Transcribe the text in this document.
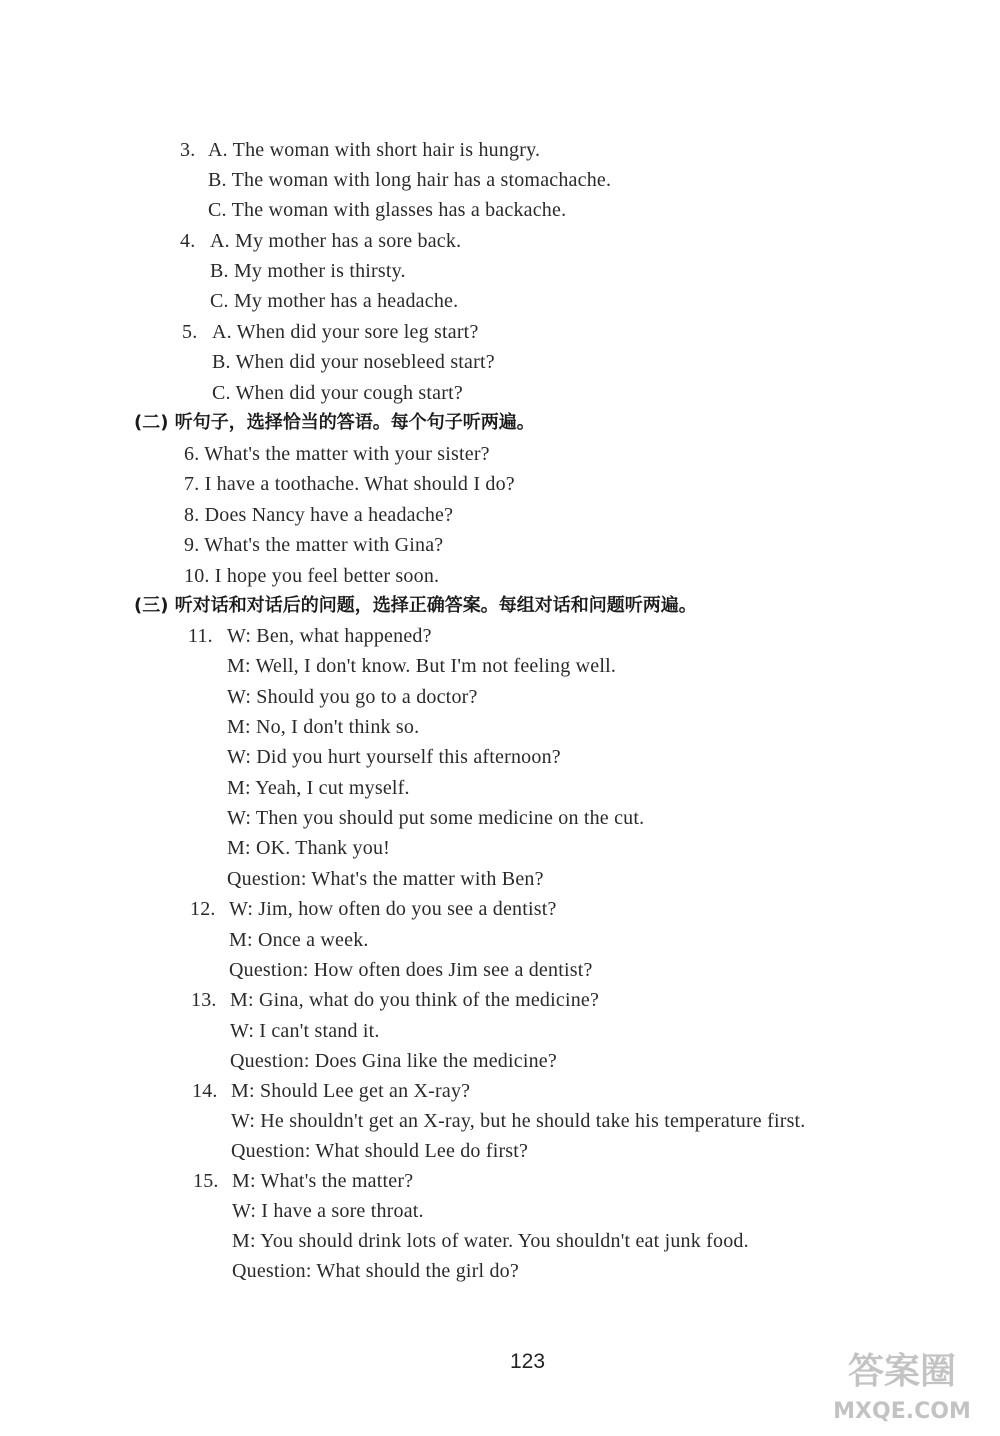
3. A. The woman with short hair is hungry.
B. The woman with long hair has a stomachache.
C. The woman with glasses has a backache.
4. A. My mother has a sore back.
B. My mother is thirsty.
C. My mother has a headache.
5. A. When did your sore leg start?
B. When did your nosebleed start?
C. When did your cough start?
(二) 听句子，选择恰当的答语。每个句子听两遍。
6. What's the matter with your sister?
7. I have a toothache. What should I do?
8. Does Nancy have a headache?
9. What's the matter with Gina?
10. I hope you feel better soon.
(三) 听对话和对话后的问题，选择正确答案。每组对话和问题听两遍。
11. W: Ben, what happened?
M: Well, I don't know. But I'm not feeling well.
W: Should you go to a doctor?
M: No, I don't think so.
W: Did you hurt yourself this afternoon?
M: Yeah, I cut myself.
W: Then you should put some medicine on the cut.
M: OK. Thank you!
Question: What's the matter with Ben?
12. W: Jim, how often do you see a dentist?
M: Once a week.
Question: How often does Jim see a dentist?
13. M: Gina, what do you think of the medicine?
W: I can't stand it.
Question: Does Gina like the medicine?
14. M: Should Lee get an X-ray?
W: He shouldn't get an X-ray, but he should take his temperature first.
Question: What should Lee do first?
15. M: What's the matter?
W: I have a sore throat.
M: You should drink lots of water. You shouldn't eat junk food.
Question: What should the girl do?
123	答案圈
MXQE.COM
